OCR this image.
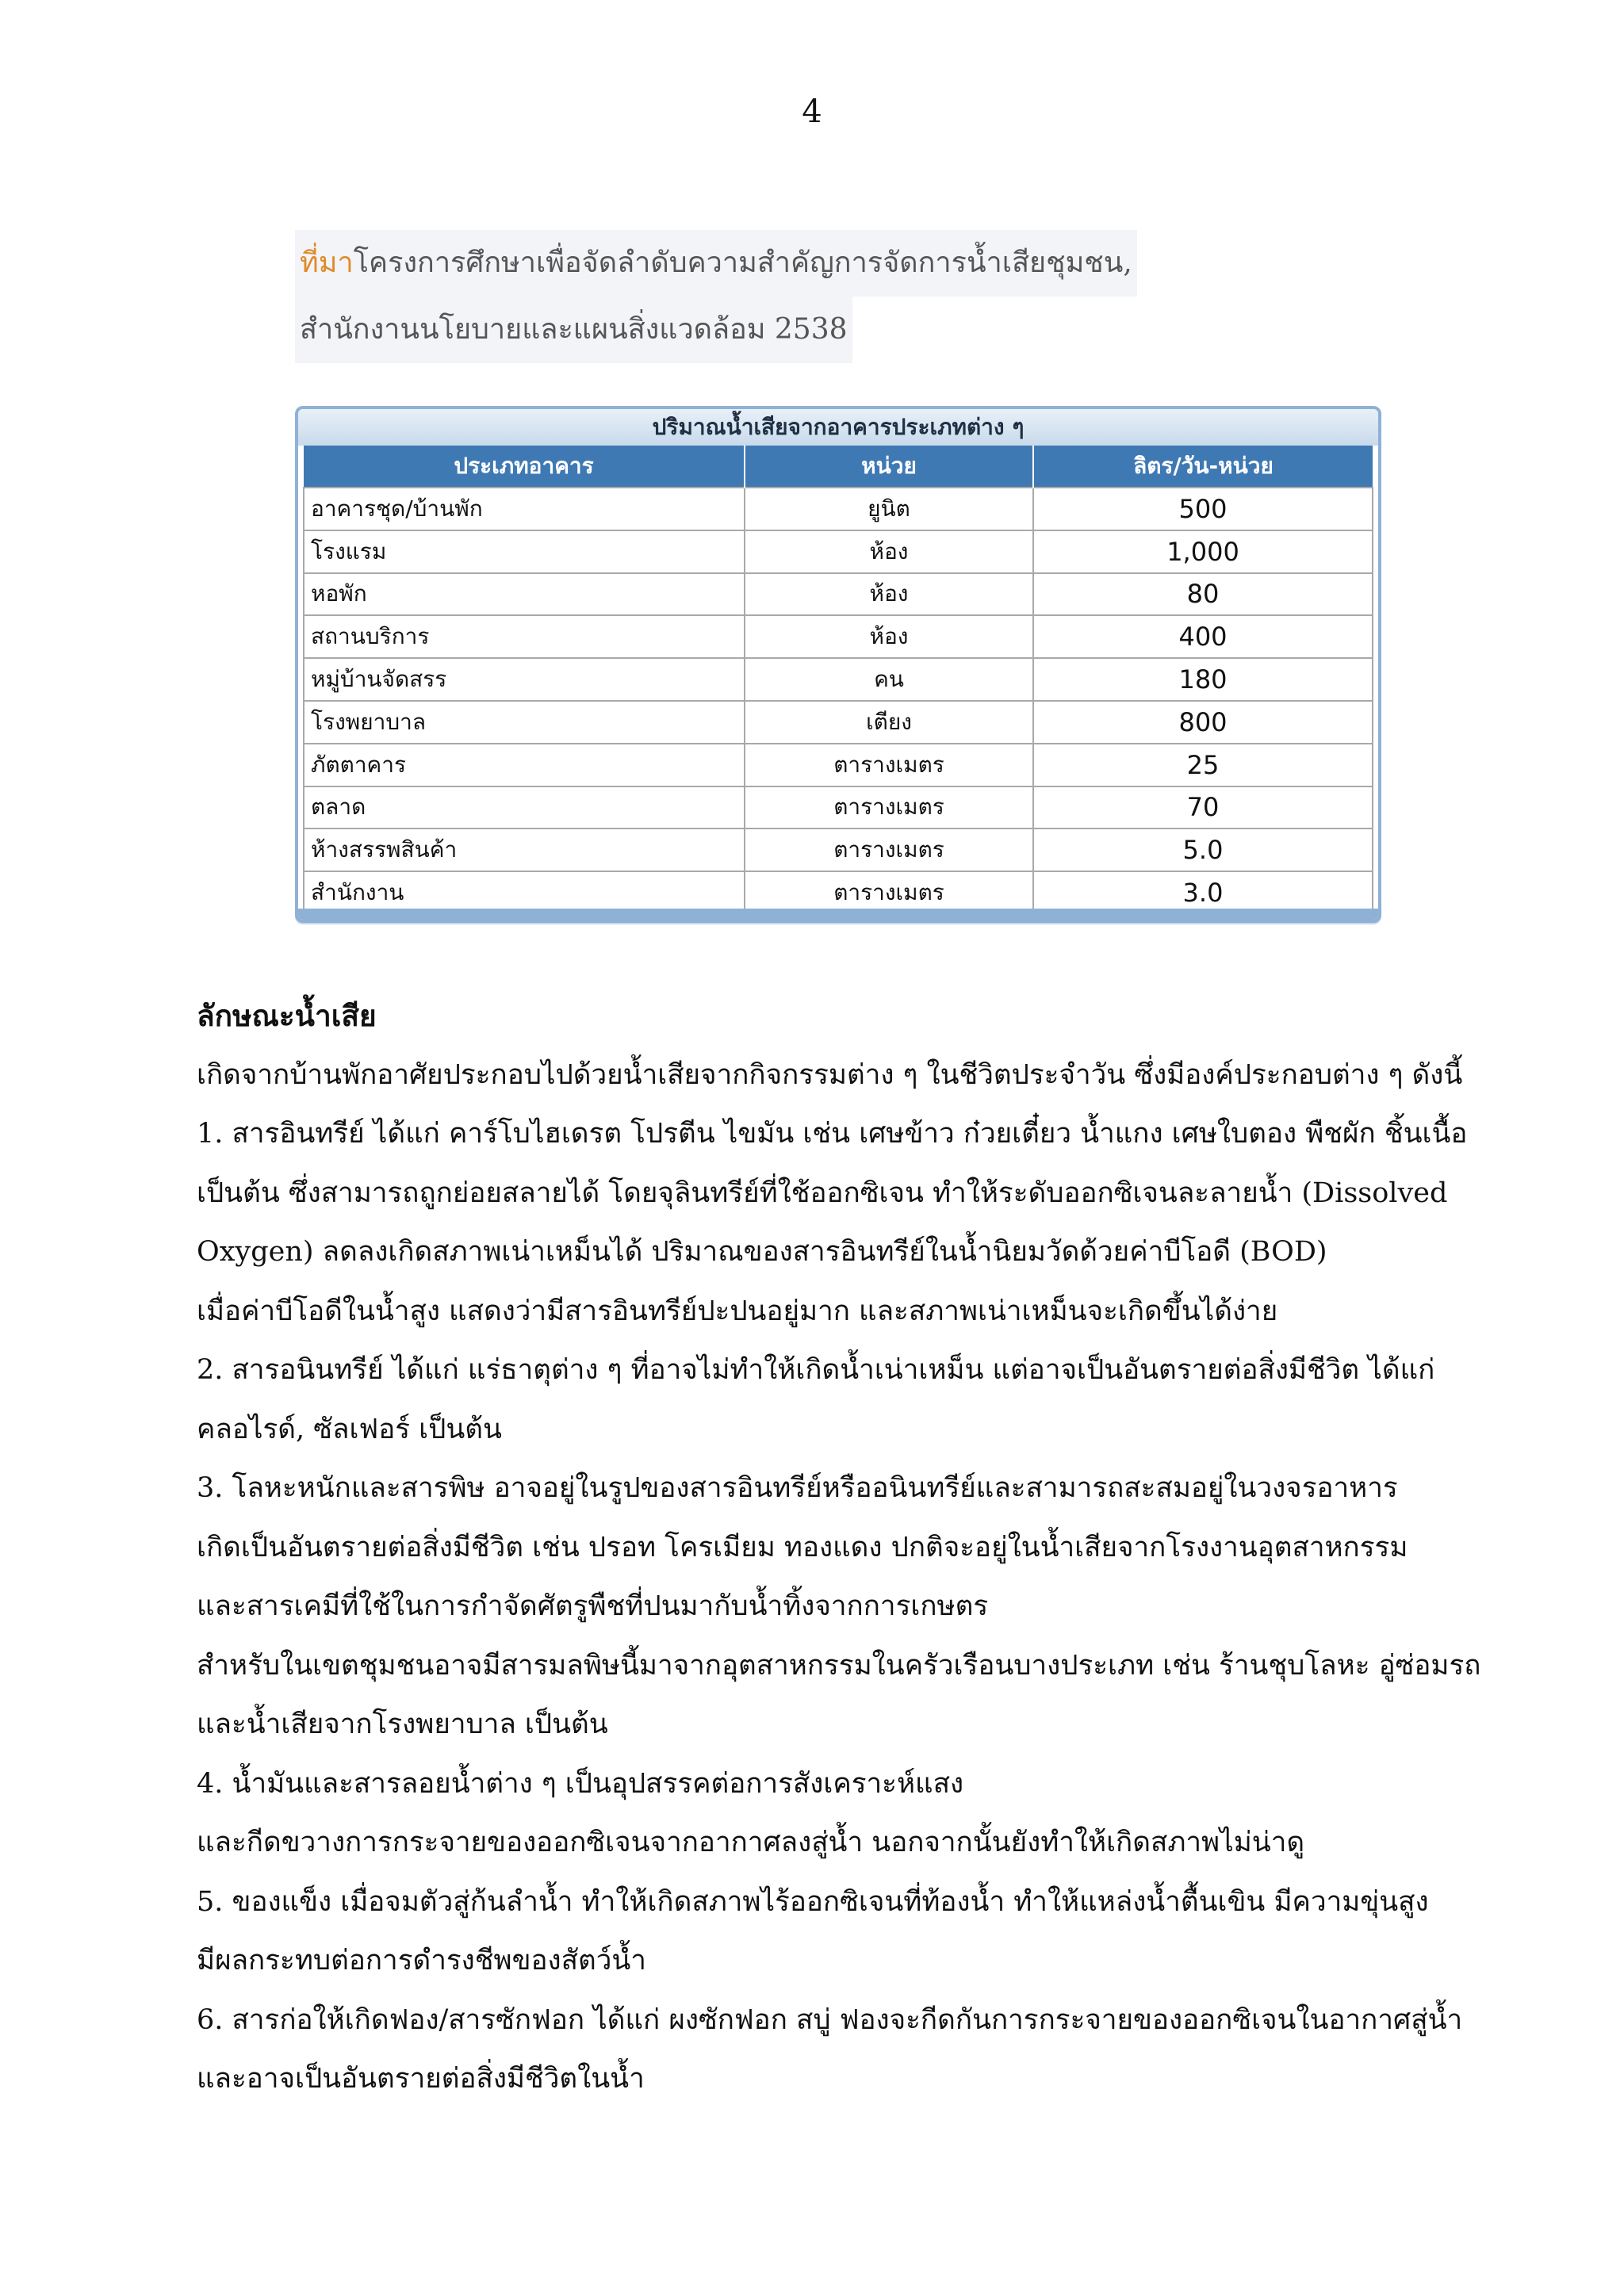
4
ที่มาโครงการศึกษาเพื่อจัดลำดับความสำคัญการจัดการน้ำเสียชุมชน,
สำนักงานนโยบายและแผนสิ่งแวดล้อม 2538
ปริมาณน้ำเสียจากอาคารประเภทต่าง ๆ
ประเภทอาคาร	หน่วย	ลิตร/วัน-หน่วย
อาคารชุด/บ้านพัก	ยูนิต	500
โรงแรม	ห้อง	1,000
หอพัก	ห้อง	80
สถานบริการ	ห้อง	400
หมู่บ้านจัดสรร	คน	180
โรงพยาบาล	เตียง	800
ภัตตาคาร	ตารางเมตร	25
ตลาด	ตารางเมตร	70
ห้างสรรพสินค้า	ตารางเมตร	5.0
สำนักงาน	ตารางเมตร	3.0

ลักษณะน้ำเสีย

เกิดจากบ้านพักอาศัยประกอบไปด้วยน้ำเสียจากกิจกรรมต่าง ๆ ในชีวิตประจำวัน ซึ่งมีองค์ประกอบต่าง ๆ ดังนี้

1. สารอินทรีย์ ได้แก่ คาร์โบไฮเดรต โปรตีน ไขมัน เช่น เศษข้าว ก๋วยเตี๋ยว น้ำแกง เศษใบตอง พืชผัก ชิ้นเนื้อ

เป็นต้น ซึ่งสามารถถูกย่อยสลายได้ โดยจุลินทรีย์ที่ใช้ออกซิเจน ทำให้ระดับออกซิเจนละลายน้ำ (Dissolved

Oxygen) ลดลงเกิดสภาพเน่าเหม็นได้ ปริมาณของสารอินทรีย์ในน้ำนิยมวัดด้วยค่าบีโอดี (BOD)

เมื่อค่าบีโอดีในน้ำสูง แสดงว่ามีสารอินทรีย์ปะปนอยู่มาก และสภาพเน่าเหม็นจะเกิดขึ้นได้ง่าย

2. สารอนินทรีย์ ได้แก่ แร่ธาตุต่าง ๆ ที่อาจไม่ทำให้เกิดน้ำเน่าเหม็น แต่อาจเป็นอันตรายต่อสิ่งมีชีวิต ได้แก่

คลอไรด์, ซัลเฟอร์ เป็นต้น

3. โลหะหนักและสารพิษ อาจอยู่ในรูปของสารอินทรีย์หรืออนินทรีย์และสามารถสะสมอยู่ในวงจรอาหาร

เกิดเป็นอันตรายต่อสิ่งมีชีวิต เช่น ปรอท โครเมียม ทองแดง ปกติจะอยู่ในน้ำเสียจากโรงงานอุตสาหกรรม

และสารเคมีที่ใช้ในการกำจัดศัตรูพืชที่ปนมากับน้ำทิ้งจากการเกษตร

สำหรับในเขตชุมชนอาจมีสารมลพิษนี้มาจากอุตสาหกรรมในครัวเรือนบางประเภท เช่น ร้านชุบโลหะ อู่ซ่อมรถ

และน้ำเสียจากโรงพยาบาล เป็นต้น

4. น้ำมันและสารลอยน้ำต่าง ๆ เป็นอุปสรรคต่อการสังเคราะห์แสง

และกีดขวางการกระจายของออกซิเจนจากอากาศลงสู่น้ำ นอกจากนั้นยังทำให้เกิดสภาพไม่น่าดู

5. ของแข็ง เมื่อจมตัวสู่ก้นลำน้ำ ทำให้เกิดสภาพไร้ออกซิเจนที่ท้องน้ำ ทำให้แหล่งน้ำตื้นเขิน มีความขุ่นสูง

มีผลกระทบต่อการดำรงชีพของสัตว์น้ำ

6. สารก่อให้เกิดฟอง/สารซักฟอก ได้แก่ ผงซักฟอก สบู่ ฟองจะกีดกันการกระจายของออกซิเจนในอากาศสู่น้ำ

และอาจเป็นอันตรายต่อสิ่งมีชีวิตในน้ำ
